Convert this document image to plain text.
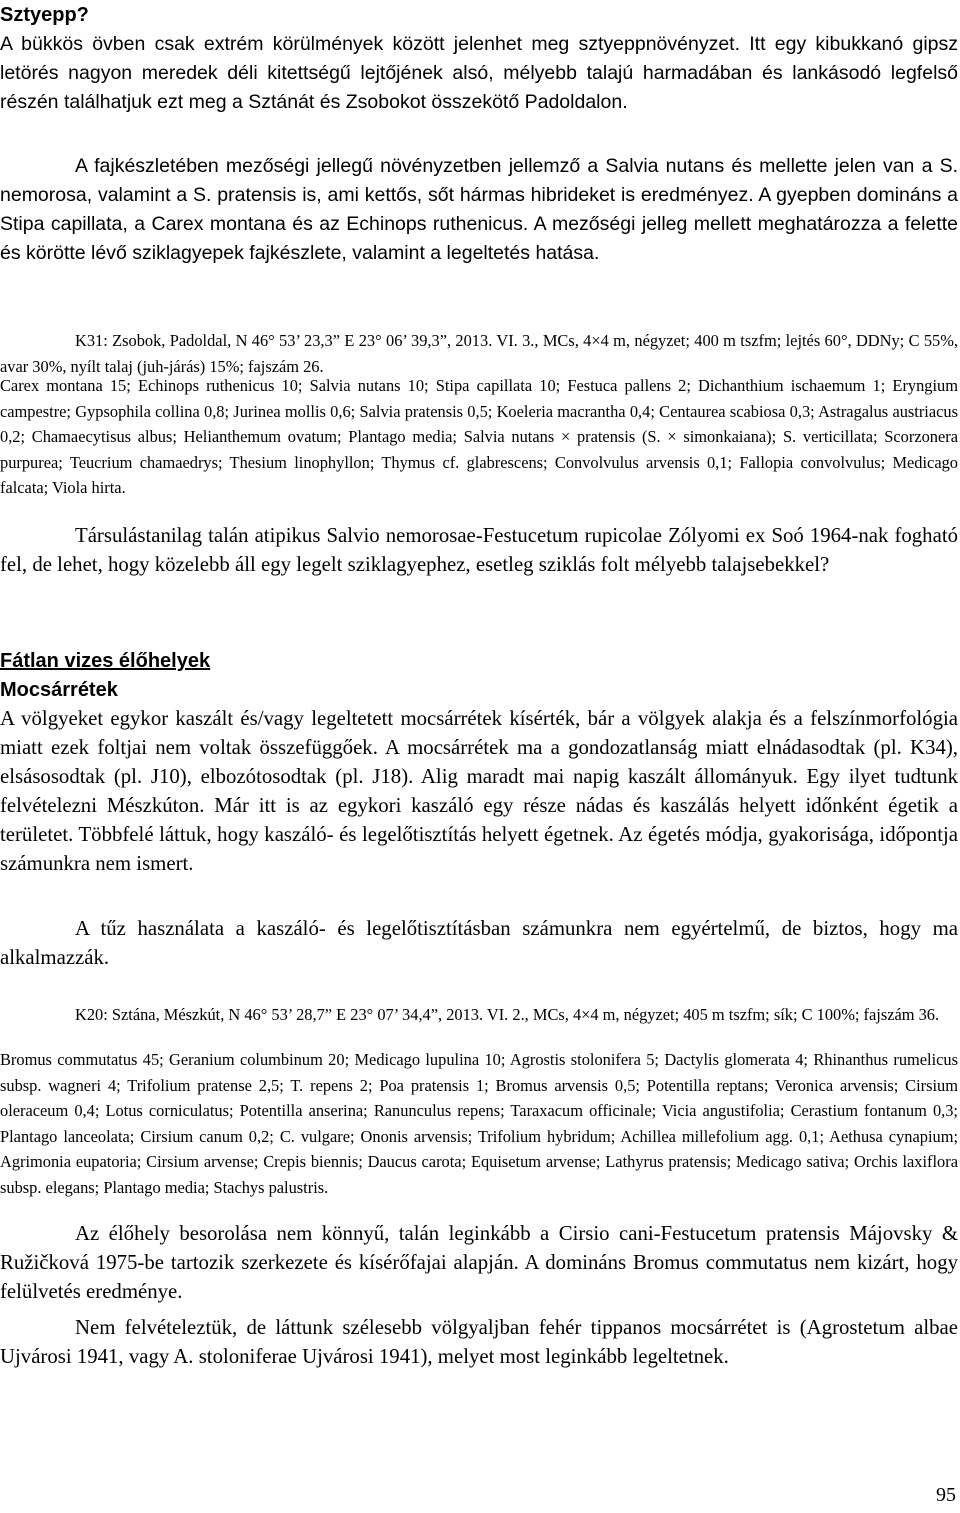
Sztyepp?

A bükkös övben csak extrém körülmények között jelenhet meg sztyeppnövényzet. Itt egy kibukkanó gipsz letörés nagyon meredek déli kitettségű lejtőjének alsó, mélyebb talajú harmadában és lankásodó legfelső részén találhatjuk ezt meg a Sztánát és Zsobokot összekötő Padoldalon.

A fajkészletében mezőségi jellegű növényzetben jellemző a Salvia nutans és mellette jelen van a S. nemorosa, valamint a S. pratensis is, ami kettős, sőt hármas hibrideket is eredményez. A gyepben domináns a Stipa capillata, a Carex montana és az Echinops ruthenicus. A mezőségi jelleg mellett meghatározza a felette és körötte lévő sziklagyepek fajkészlete, valamint a legeltetés hatása.

K31: Zsobok, Padoldal, N 46° 53’ 23,3” E 23° 06’ 39,3”, 2013. VI. 3., MCs, 4×4 m, négyzet; 400 m tszfm; lejtés 60°, DDNy; C 55%, avar 30%, nyílt talaj (juh-járás) 15%; fajszám 26.

Carex montana 15; Echinops ruthenicus 10; Salvia nutans 10; Stipa capillata 10; Festuca pallens 2; Dichanthium ischaemum 1; Eryngium campestre; Gypsophila collina 0,8; Jurinea mollis 0,6; Salvia pratensis 0,5; Koeleria macrantha 0,4; Centaurea scabiosa 0,3; Astragalus austriacus 0,2; Chamaecytisus albus; Helianthemum ovatum; Plantago media; Salvia nutans × pratensis (S. × simonkaiana); S. verticillata; Scorzonera purpurea; Teucrium chamaedrys; Thesium linophyllon; Thymus cf. glabrescens; Convolvulus arvensis 0,1; Fallopia convolvulus; Medicago falcata; Viola hirta.

Társulástanilag talán atipikus Salvio nemorosae-Festucetum rupicolae Zólyomi ex Soó 1964-nak fogható fel, de lehet, hogy közelebb áll egy legelt sziklagyephez, esetleg sziklás folt mélyebb talajsebekkel?

Fátlan vizes élőhelyek

Mocsárrétek

A völgyeket egykor kaszált és/vagy legeltetett mocsárrétek kísérték, bár a völgyek alakja és a felszínmorfológia miatt ezek foltjai nem voltak összefüggőek. A mocsárrétek ma a gondozatlanság miatt elnádasodtak (pl. K34), elsásosodtak (pl. J10), elbozótosodtak (pl. J18). Alig maradt mai napig kaszált állományuk. Egy ilyet tudtunk felvételezni Mészkúton. Már itt is az egykori kaszáló egy része nádas és kaszálás helyett időnként égetik a területet. Többfelé láttuk, hogy kaszáló- és legelőtisztítás helyett égetnek. Az égetés módja, gyakorisága, időpontja számunkra nem ismert.

A tűz használata a kaszáló- és legelőtisztításban számunkra nem egyértelmű, de biztos, hogy ma alkalmazzák.

K20: Sztána, Mészkút, N 46° 53’ 28,7” E 23° 07’ 34,4”, 2013. VI. 2., MCs, 4×4 m, négyzet; 405 m tszfm; sík; C 100%; fajszám 36.

Bromus commutatus 45; Geranium columbinum 20; Medicago lupulina 10; Agrostis stolonifera 5; Dactylis glomerata 4; Rhinanthus rumelicus subsp. wagneri 4; Trifolium pratense 2,5; T. repens 2; Poa pratensis 1; Bromus arvensis 0,5; Potentilla reptans; Veronica arvensis; Cirsium oleraceum 0,4; Lotus corniculatus; Potentilla anserina; Ranunculus repens; Taraxacum officinale; Vicia angustifolia; Cerastium fontanum 0,3; Plantago lanceolata; Cirsium canum 0,2; C. vulgare; Ononis arvensis; Trifolium hybridum; Achillea millefolium agg. 0,1; Aethusa cynapium; Agrimonia eupatoria; Cirsium arvense; Crepis biennis; Daucus carota; Equisetum arvense; Lathyrus pratensis; Medicago sativa; Orchis laxiflora subsp. elegans; Plantago media; Stachys palustris.

Az élőhely besorolása nem könnyű, talán leginkább a Cirsio cani-Festucetum pratensis Májovsky & Ružičková 1975-be tartozik szerkezete és kísérőfajai alapján. A domináns Bromus commutatus nem kizárt, hogy felülvetés eredménye.

Nem felvételeztük, de láttunk szélesebb völgyaljban fehér tippanos mocsárrétet is (Agrostetum albae Ujvárosi 1941, vagy A. stoloniferae Ujvárosi 1941), melyet most leginkább legeltetnek.

95
